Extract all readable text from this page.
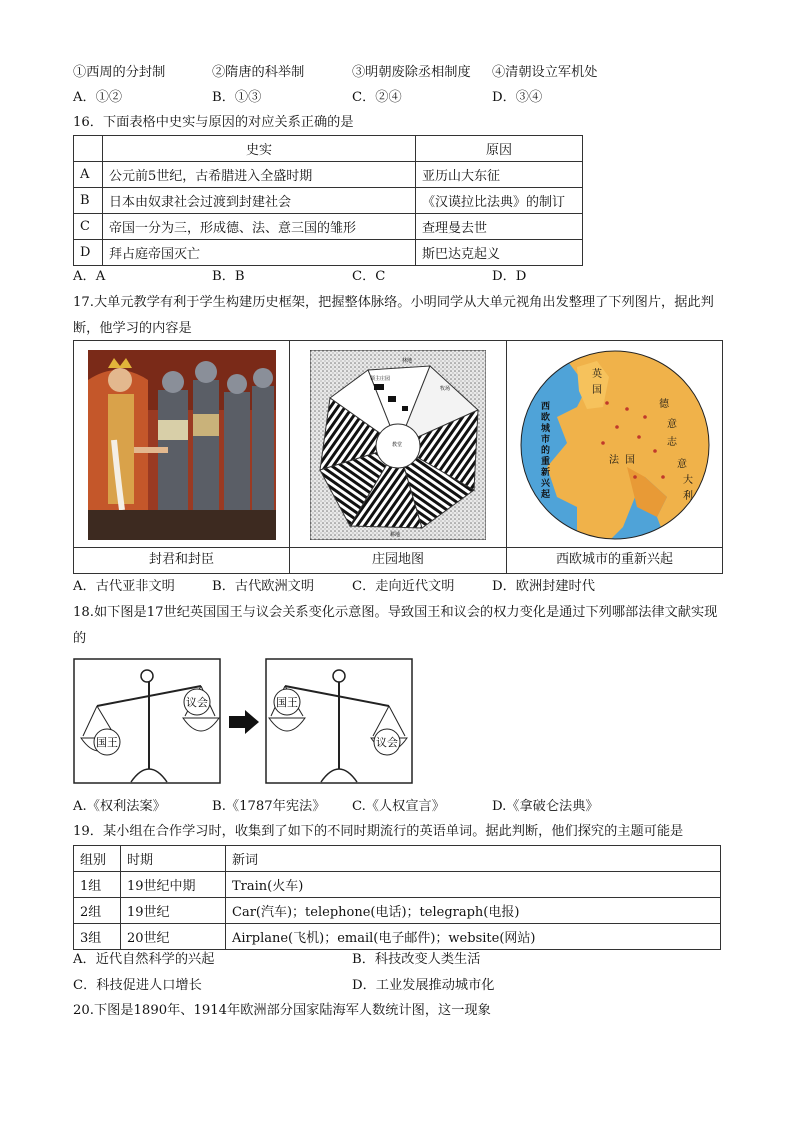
①西周的分封制	②隋唐的科举制	③明朝废除丞相制度 ④清朝设立军机处
A．①②	B．①③	C．②④	D．③④
16．下面表格中史实与原因的对应关系正确的是
	史实	原因
A	公元前5世纪，古希腊进入全盛时期	亚历山大东征
B	日本由奴隶社会过渡到封建社会	《汉谟拉比法典》的制订
C	帝国一分为三，形成德、法、意三国的雏形	查理曼去世
D	拜占庭帝国灭亡	斯巴达克起义
A．A	B．B	C．C	D．D
17.大单元教学有利于学生构建历史框架，把握整体脉络。小明同学从大单元视角出发整理了下列图片，据此判断，他学习的内容是
领主庄园
教堂
林地
牧场
耕地
西欧城市的重新兴起
英
国
德
意
志
法 国	意
大
利
封君和封臣	庄园地图	西欧城市的重新兴起
A．古代亚非文明	B．古代欧洲文明	C．走向近代文明	D．欧洲封建时代
18.如下图是17世纪英国国王与议会关系变化示意图。导致国王和议会的权力变化是通过下列哪部法律文献实现的
国王
议会	国王
议会
A.《权利法案》	B.《1787年宪法》 C.《人权宣言》	D.《拿破仑法典》
19．某小组在合作学习时，收集到了如下的不同时期流行的英语单词。据此判断，他们探究的主题可能是
组别	时期	新词
1组	19世纪中期	Train(火车)
2组	19世纪	Car(汽车)；telephone(电话)；telegraph(电报)
3组	20世纪	Airplane(飞机)；email(电子邮件)；website(网站)
A．近代自然科学的兴起	B．科技改变人类生活
C．科技促进人口增长	D．工业发展推动城市化
20.下图是1890年、1914年欧洲部分国家陆海军人数统计图，这一现象
